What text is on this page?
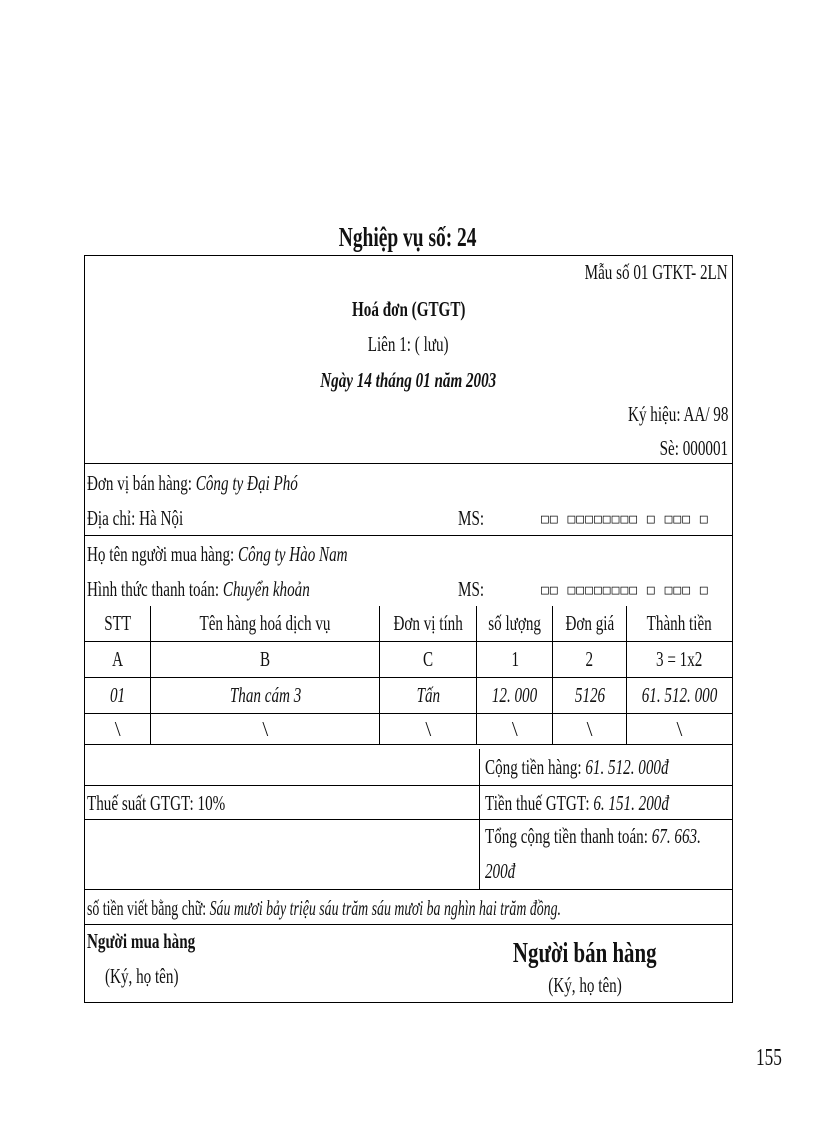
Nghiệp vụ số: 24
Mẫu số 01 GTKT- 2LN
Hoá đơn (GTGT)
Liên 1: ( lưu)
Ngày 14 tháng 01 năm 2003
Ký hiệu: AA/ 98
Sè: 000001
Đơn vị bán hàng: Công ty Đại Phó
Địa chỉ: Hà Nội	MS:	□□ □□□□□□□□ □ □□□ □
Họ tên người mua hàng: Công ty Hào Nam
Hình thức thanh toán: Chuyển khoản	MS:	□□ □□□□□□□□ □ □□□ □
STT	Tên hàng hoá dịch vụ	Đơn vị tính	số lượng	Đơn giá	Thành tiền
A	B	C	1	2	3 = 1x2
01	Than cám 3	Tấn	12. 000	5126	61. 512. 000
\	\	\	\	\	\
Cộng tiền hàng: 61. 512. 000đ
Thuế suất GTGT: 10%	Tiền thuế GTGT: 6. 151. 200đ
Tổng cộng tiền thanh toán: 67. 663.
200đ
số tiền viết bằng chữ: Sáu mươi bảy triệu sáu trăm sáu mươi ba nghìn hai trăm đồng.
Người mua hàng
(Ký, họ tên)
Người bán hàng
(Ký, họ tên)
155
